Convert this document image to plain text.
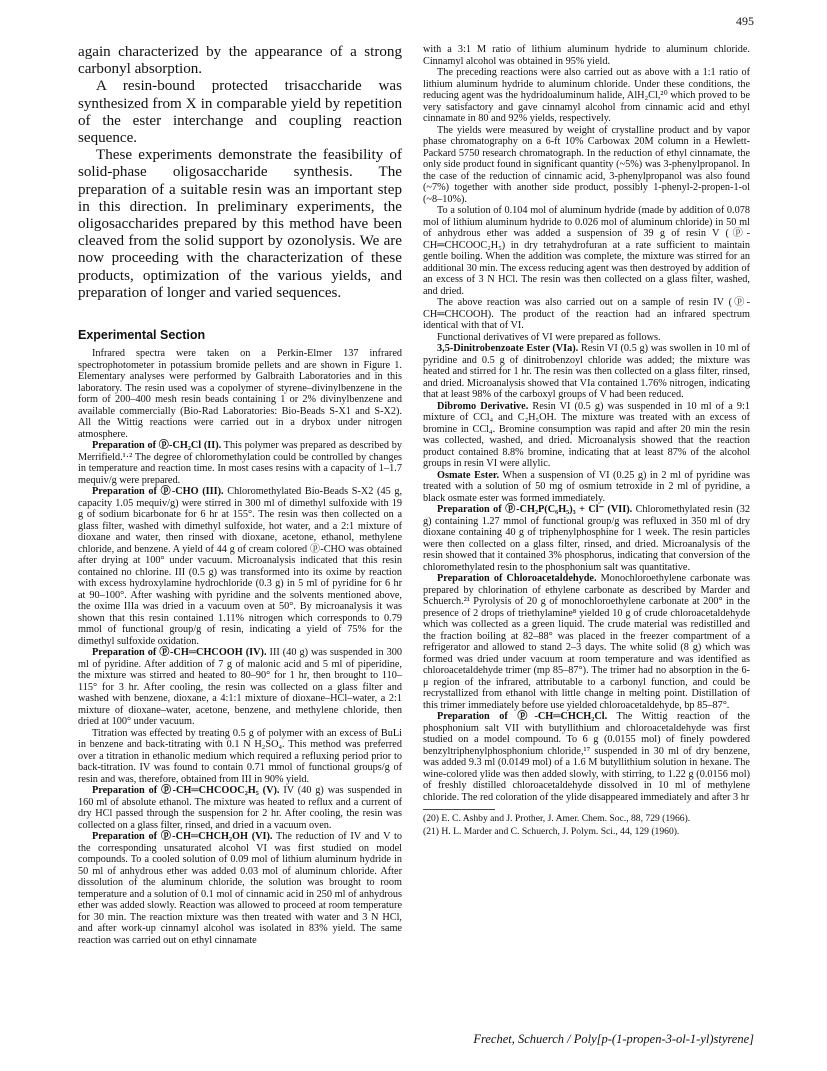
495

again characterized by the appearance of a strong carbonyl absorption.

A resin-bound protected trisaccharide was synthesized from X in comparable yield by repetition of the ester interchange and coupling reaction sequence.

These experiments demonstrate the feasibility of solid-phase oligosaccharide synthesis. The preparation of a suitable resin was an important step in this direction. In preliminary experiments, the oligosaccharides prepared by this method have been cleaved from the solid support by ozonolysis. We are now proceeding with the characterization of these products, optimization of the various yields, and preparation of longer and varied sequences.

Experimental Section

Infrared spectra were taken on a Perkin-Elmer 137 infrared spectrophotometer in potassium bromide pellets and are shown in Figure 1. Elementary analyses were performed by Galbraith Laboratories and in this laboratory. The resin used was a copolymer of styrene–divinylbenzene in the form of 200–400 mesh resin beads containing 1 or 2% divinylbenzene and available commercially (Bio-Rad Laboratories: Bio-Beads S-X1 and S-X2). All the Wittig reactions were carried out in a drybox under nitrogen atmosphere.

Preparation of ⓟ-CH₂Cl (II). This polymer was prepared as described by Merrifield.¹·² The degree of chloromethylation could be controlled by changes in temperature and reaction time. In most cases resins with a capacity of 1–1.7 mequiv/g were prepared.

Preparation of ⓟ-CHO (III). Chloromethylated Bio-Beads S-X2 (45 g, capacity 1.05 mequiv/g) were stirred in 300 ml of dimethyl sulfoxide with 19 g of sodium bicarbonate for 6 hr at 155°. The resin was then collected on a glass filter, washed with dimethyl sulfoxide, hot water, and a 2:1 mixture of dioxane and water, then rinsed with dioxane, acetone, ethanol, methylene chloride, and benzene. A yield of 44 g of cream colored ⓟ-CHO was obtained after drying at 100° under vacuum. Microanalysis indicated that this resin contained no chlorine. III (0.5 g) was transformed into its oxime by reaction with excess hydroxylamine hydrochloride (0.3 g) in 5 ml of pyridine for 6 hr at 90–100°. After washing with pyridine and the solvents mentioned above, the oxime IIIa was dried in a vacuum oven at 50°. By microanalysis it was shown that this resin contained 1.11% nitrogen which corresponds to 0.79 mmol of functional group/g of resin, indicating a yield of 75% for the dimethyl sulfoxide oxidation.

Preparation of ⓟ-CH═CHCOOH (IV). III (40 g) was suspended in 300 ml of pyridine. After addition of 7 g of malonic acid and 5 ml of piperidine, the mixture was stirred and heated to 80–90° for 1 hr, then brought to 110–115° for 3 hr. After cooling, the resin was collected on a glass filter and washed with benzene, dioxane, a 4:1:1 mixture of dioxane–HCl–water, a 2:1 mixture of dioxane–water, acetone, benzene, and methylene chloride, then dried at 100° under vacuum.

Titration was effected by treating 0.5 g of polymer with an excess of BuLi in benzene and back-titrating with 0.1 N H₂SO₄. This method was preferred over a titration in ethanolic medium which required a refluxing period prior to back-titration. IV was found to contain 0.71 mmol of functional groups/g of resin and was, therefore, obtained from III in 90% yield.

Preparation of ⓟ-CH═CHCOOC₂H₅ (V). IV (40 g) was suspended in 160 ml of absolute ethanol. The mixture was heated to reflux and a current of dry HCl passed through the suspension for 2 hr. After cooling, the resin was collected on a glass filter, rinsed, and dried in a vacuum oven.

Preparation of ⓟ-CH═CHCH₂OH (VI). The reduction of IV and V to the corresponding unsaturated alcohol VI was first studied on model compounds. To a cooled solution of 0.09 mol of lithium aluminum hydride in 50 ml of anhydrous ether was added 0.03 mol of aluminum chloride. After dissolution of the aluminum chloride, the solution was brought to room temperature and a solution of 0.1 mol of cinnamic acid in 250 ml of anhydrous ether was added slowly. Reaction was allowed to proceed at room temperature for 30 min. The reaction mixture was then treated with water and 3 N HCl, and after work-up cinnamyl alcohol was isolated in 83% yield. The same reaction was carried out on ethyl cinnamate

with a 3:1 M ratio of lithium aluminum hydride to aluminum chloride. Cinnamyl alcohol was obtained in 95% yield.

The preceding reactions were also carried out as above with a 1:1 ratio of lithium aluminum hydride to aluminum chloride. Under these conditions, the reducing agent was the hydridoaluminum halide, AlH₂Cl,²⁰ which proved to be very satisfactory and gave cinnamyl alcohol from cinnamic acid and ethyl cinnamate in 80 and 92% yields, respectively.

The yields were measured by weight of crystalline product and by vapor phase chromatography on a 6-ft 10% Carbowax 20M column in a Hewlett-Packard 5750 research chromatograph. In the reduction of ethyl cinnamate, the only side product found in significant quantity (~5%) was 3-phenylpropanol. In the case of the reduction of cinnamic acid, 3-phenylpropanol was also found (~7%) together with another side product, possibly 1-phenyl-2-propen-1-ol (~8–10%).

To a solution of 0.104 mol of aluminum hydride (made by addition of 0.078 mol of lithium aluminum hydride to 0.026 mol of aluminum chloride) in 50 ml of anhydrous ether was added a suspension of 39 g of resin V (ⓟ-CH═CHCOOC₂H₅) in dry tetrahydrofuran at a rate sufficient to maintain gentle boiling. When the addition was complete, the mixture was stirred for an additional 30 min. The excess reducing agent was then destroyed by addition of an excess of 3 N HCl. The resin was then collected on a glass filter, washed, and dried.

The above reaction was also carried out on a sample of resin IV (ⓟ-CH═CHCOOH). The product of the reaction had an infrared spectrum identical with that of VI.

Functional derivatives of VI were prepared as follows.

3,5-Dinitrobenzoate Ester (VIa). Resin VI (0.5 g) was swollen in 10 ml of pyridine and 0.5 g of dinitrobenzoyl chloride was added; the mixture was heated and stirred for 1 hr. The resin was then collected on a glass filter, rinsed, and dried. Microanalysis showed that VIa contained 1.76% nitrogen, indicating that at least 98% of the carboxyl groups of V had been reduced.

Dibromo Derivative. Resin VI (0.5 g) was suspended in 10 ml of a 9:1 mixture of CCl₄ and C₂H₅OH. The mixture was treated with an excess of bromine in CCl₄. Bromine consumption was rapid and after 20 min the resin was collected, washed, and dried. Microanalysis showed that the reaction product contained 8.8% bromine, indicating that at least 87% of the alcohol groups in resin VI were allylic.

Osmate Ester. When a suspension of VI (0.25 g) in 2 ml of pyridine was treated with a solution of 50 mg of osmium tetroxide in 2 ml of pyridine, a black osmate ester was formed immediately.

Preparation of ⓟ-CH₂P(C₆H₅)₃ + Cl⁻ (VII). Chloromethylated resin (32 g) containing 1.27 mmol of functional group/g was refluxed in 350 ml of dry dioxane containing 40 g of triphenylphosphine for 1 week. The resin particles were then collected on a glass filter, rinsed, and dried. Microanalysis of the resin showed that it contained 3% phosphorus, indicating that conversion of the chloromethylated resin to the phosphonium salt was quantitative.

Preparation of Chloroacetaldehyde. Monochloroethylene carbonate was prepared by chlorination of ethylene carbonate as described by Marder and Schuerch.²¹ Pyrolysis of 20 g of monochloroethylene carbonate at 200° in the presence of 2 drops of triethylamine⁸ yielded 10 g of crude chloroacetaldehyde which was collected as a green liquid. The crude material was redistilled and the fraction boiling at 82–88° was placed in the freezer compartment of a refrigerator and allowed to stand 2–3 days. The white solid (8 g) which was formed was dried under vacuum at room temperature and was identified as chloroacetaldehyde trimer (mp 85–87°). The trimer had no absorption in the 6-μ region of the infrared, attributable to a carbonyl function, and could be recrystallized from ethanol with little change in melting point. Distillation of this trimer immediately before use yielded chloroacetaldehyde, bp 85–87°.

Preparation of ⓟ-CH═CHCH₂Cl. The Wittig reaction of the phosphonium salt VII with butyllithium and chloroacetaldehyde was first studied on a model compound. To 6 g (0.0155 mol) of finely powdered benzyltriphenylphosphonium chloride,¹⁷ suspended in 30 ml of dry benzene, was added 9.3 ml (0.0149 mol) of a 1.6 M butyllithium solution in hexane. The wine-colored ylide was then added slowly, with stirring, to 1.22 g (0.0156 mol) of freshly distilled chloroacetaldehyde dissolved in 10 ml of methylene chloride. The red coloration of the ylide disappeared immediately and after 3 hr

(20) E. C. Ashby and J. Prother, J. Amer. Chem. Soc., 88, 729 (1966).

(21) H. L. Marder and C. Schuerch, J. Polym. Sci., 44, 129 (1960).

Frechet, Schuerch / Poly[p-(1-propen-3-ol-1-yl)styrene]
